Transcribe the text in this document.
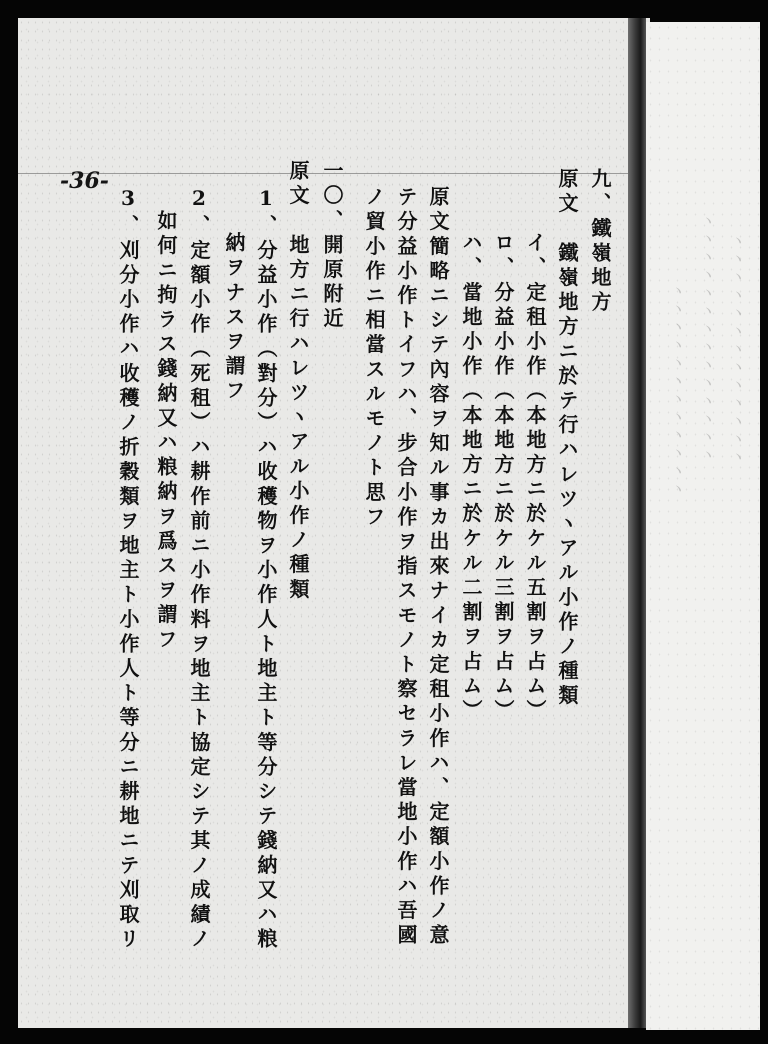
ヽヽヽヽヽヽヽヽヽヽヽヽヽ
ヽヽヽヽヽヽヽヽヽヽヽヽヽヽ
ヽヽヽヽヽヽヽヽヽヽヽヽ
-36-	九、鐵嶺地方
原文　鐵嶺地方ニ於テ行ハレツヽアル小作ノ種類
イ、定租小作（本地方ニ於ケル五割ヲ占ム）
ロ、分益小作（本地方ニ於ケル三割ヲ占ム）
ハ、當地小作（本地方ニ於ケル二割ヲ占ム）
原文簡略ニシテ內容ヲ知ル事カ出來ナイカ定租小作ハ、定額小作ノ意
テ分益小作トイフハ、步合小作ヲ指スモノト察セラレ當地小作ハ吾國
ノ貿小作ニ相當スルモノト思フ
一〇、開原附近
原文　地方ニ行ハレツヽアル小作ノ種類
1、分益小作（對分）ハ收穫物ヲ小作人ト地主ト等分シテ錢納又ハ粮
納ヲナスヲ謂フ
2、定額小作（死租）ハ耕作前ニ小作料ヲ地主ト協定シテ其ノ成績ノ
如何ニ拘ラス錢納又ハ粮納ヲ爲スヲ謂フ
3、刈分小作ハ收穫ノ折穀類ヲ地主ト小作人ト等分ニ耕地ニテ刈取リ
